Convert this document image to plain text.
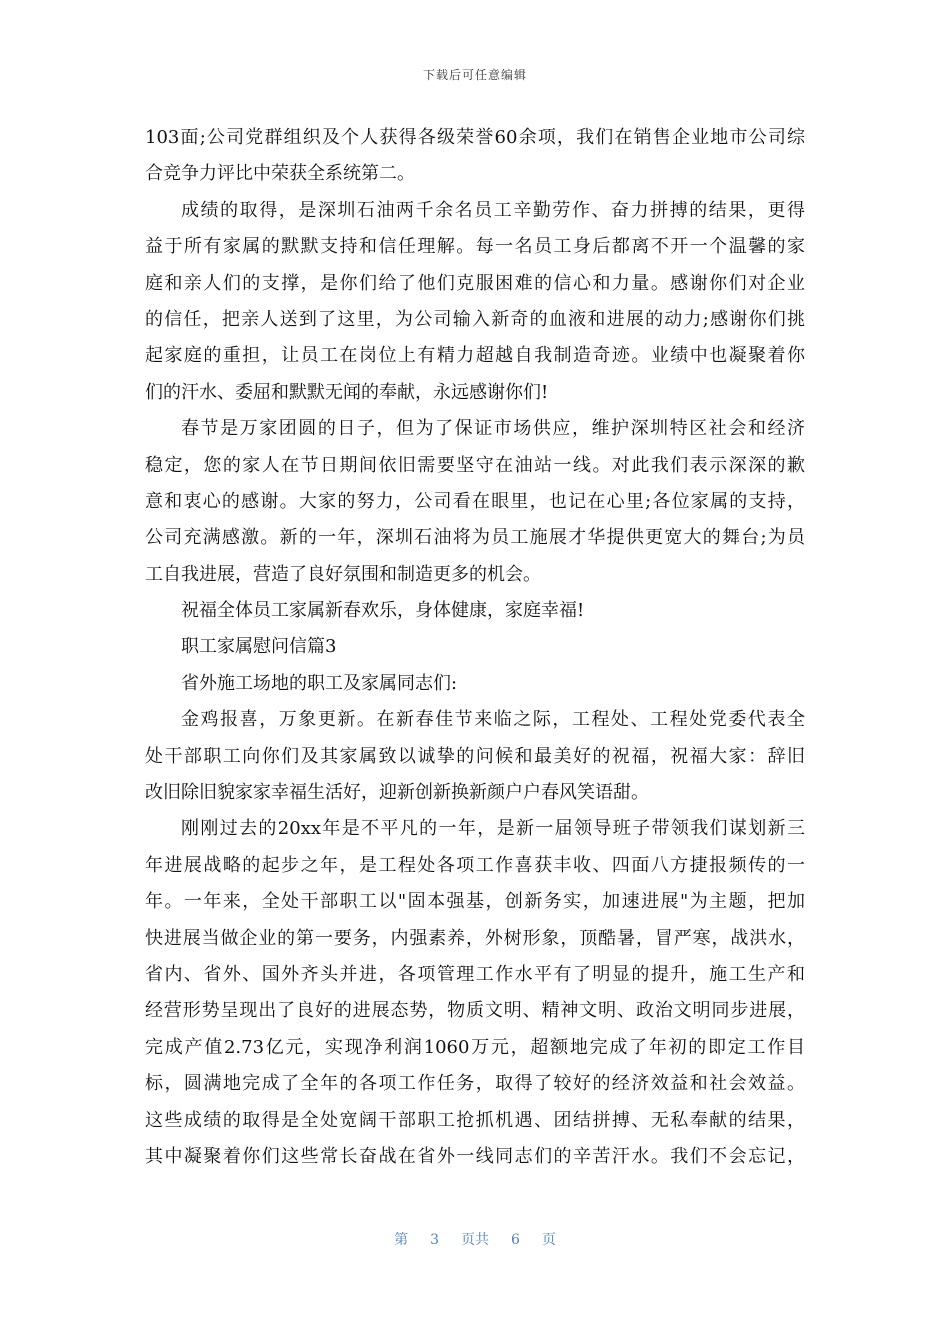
下载后可任意编辑
103面;公司党群组织及个人获得各级荣誉60余项，我们在销售企业地市公司综
合竞争力评比中荣获全系统第二。
成绩的取得，是深圳石油两千余名员工辛勤劳作、奋力拼搏的结果，更得
益于所有家属的默默支持和信任理解。每一名员工身后都离不开一个温馨的家
庭和亲人们的支撑，是你们给了他们克服困难的信心和力量。感谢你们对企业
的信任，把亲人送到了这里，为公司输入新奇的血液和进展的动力;感谢你们挑
起家庭的重担，让员工在岗位上有精力超越自我制造奇迹。业绩中也凝聚着你
们的汗水、委屈和默默无闻的奉献，永远感谢你们!
春节是万家团圆的日子，但为了保证市场供应，维护深圳特区社会和经济
稳定，您的家人在节日期间依旧需要坚守在油站一线。对此我们表示深深的歉
意和衷心的感谢。大家的努力，公司看在眼里，也记在心里;各位家属的支持，
公司充满感激。新的一年，深圳石油将为员工施展才华提供更宽大的舞台;为员
工自我进展，营造了良好氛围和制造更多的机会。
祝福全体员工家属新春欢乐，身体健康，家庭幸福!
职工家属慰问信篇3
省外施工场地的职工及家属同志们:
金鸡报喜，万象更新。在新春佳节来临之际，工程处、工程处党委代表全
处干部职工向你们及其家属致以诚挚的问候和最美好的祝福，祝福大家：辞旧
改旧除旧貌家家幸福生活好，迎新创新换新颜户户春风笑语甜。
刚刚过去的20xx年是不平凡的一年，是新一届领导班子带领我们谋划新三
年进展战略的起步之年，是工程处各项工作喜获丰收、四面八方捷报频传的一
年。一年来，全处干部职工以"固本强基，创新务实，加速进展"为主题，把加
快进展当做企业的第一要务，内强素养，外树形象，顶酷暑，冒严寒，战洪水，
省内、省外、国外齐头并进，各项管理工作水平有了明显的提升，施工生产和
经营形势呈现出了良好的进展态势，物质文明、精神文明、政治文明同步进展，
完成产值2.73亿元，实现净利润1060万元，超额地完成了年初的即定工作目
标，圆满地完成了全年的各项工作任务，取得了较好的经济效益和社会效益。
这些成绩的取得是全处宽阔干部职工抢抓机遇、团结拼搏、无私奉献的结果，
其中凝聚着你们这些常长奋战在省外一线同志们的辛苦汗水。我们不会忘记，
第 3 页共 6 页
